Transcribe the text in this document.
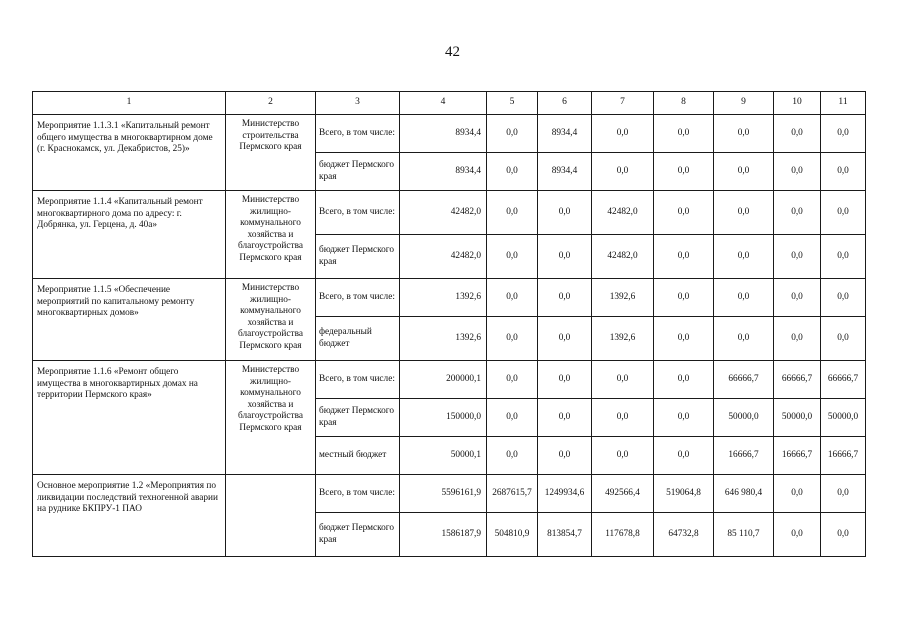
42
1	2	3	4	5	6	7	8	9	10	11
Мероприятие 1.1.3.1 «Капитальный ремонт общего имущества в многоквартирном доме (г. Краснокамск, ул. Декабристов, 25)»	Министерство строительства Пермского края	Всего, в том числе:	8934,4	0,0	8934,4	0,0	0,0	0,0	0,0	0,0
		бюджет Пермского края	8934,4	0,0	8934,4	0,0	0,0	0,0	0,0	0,0
Мероприятие 1.1.4 «Капитальный ремонт многоквартирного дома по адресу: г. Добрянка, ул. Герцена, д. 40а»	Министерство жилищно-коммунального хозяйства и благоустройства Пермского края	Всего, в том числе:	42482,0	0,0	0,0	42482,0	0,0	0,0	0,0	0,0
		бюджет Пермского края	42482,0	0,0	0,0	42482,0	0,0	0,0	0,0	0,0
Мероприятие 1.1.5 «Обеспечение мероприятий по капитальному ремонту многоквартирных домов»	Министерство жилищно-коммунального хозяйства и благоустройства Пермского края	Всего, в том числе:	1392,6	0,0	0,0	1392,6	0,0	0,0	0,0	0,0
		федеральный бюджет	1392,6	0,0	0,0	1392,6	0,0	0,0	0,0	0,0
Мероприятие 1.1.6 «Ремонт общего имущества в многоквартирных домах на территории Пермского края»	Министерство жилищно-коммунального хозяйства и благоустройства Пермского края	Всего, в том числе:	200000,1	0,0	0,0	0,0	0,0	66666,7	66666,7	66666,7
		бюджет Пермского края	150000,0	0,0	0,0	0,0	0,0	50000,0	50000,0	50000,0
		местный бюджет	50000,1	0,0	0,0	0,0	0,0	16666,7	16666,7	16666,7
Основное мероприятие 1.2 «Мероприятия по ликвидации последствий техногенной аварии на руднике БКПРУ-1 ПАО		Всего, в том числе:	5596161,9	2687615,7	1249934,6	492566,4	519064,8	646 980,4	0,0	0,0
		бюджет Пермского края	1586187,9	504810,9	813854,7	117678,8	64732,8	85 110,7	0,0	0,0
